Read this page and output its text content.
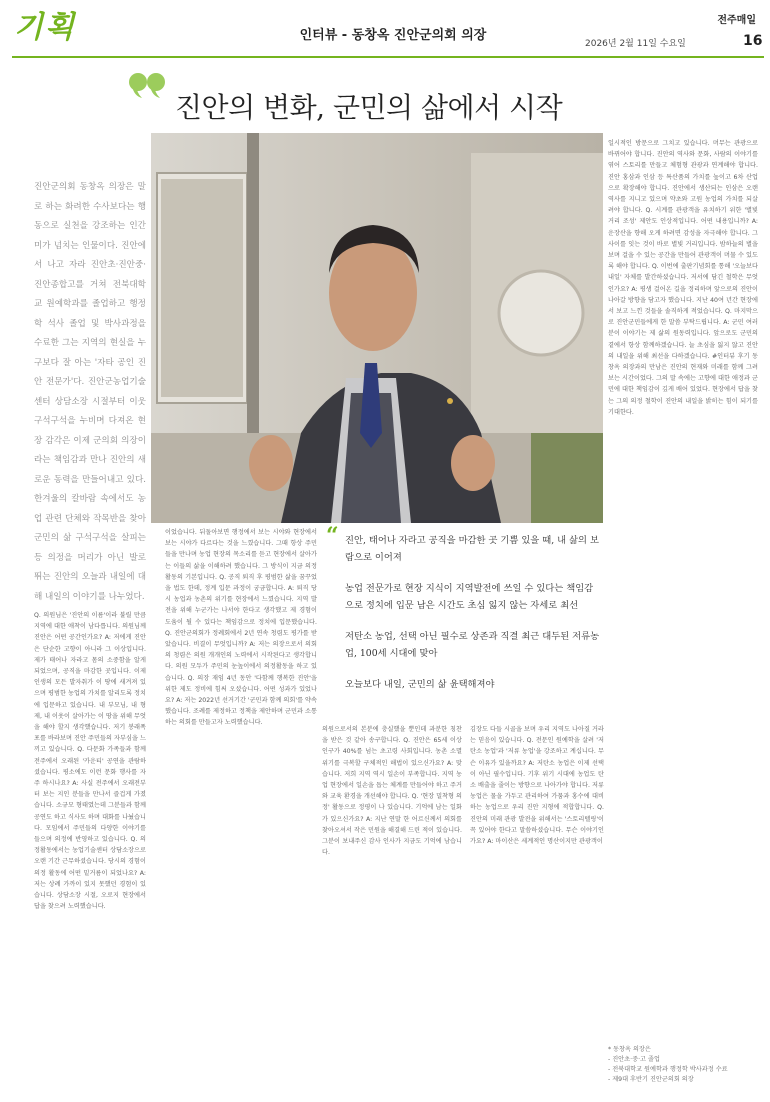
기획	인터뷰 - 동창옥 진안군의회 의장
전주매일
2026년 2월 11일 수요일	16
진안의 변화, 군민의 삶에서 시작
진안군의회 동창옥 의장은 말로 하는 화려한 수사보다는 행동으로 실천을 강조하는 인간미가 넘치는 인물이다. 진안에서 나고 자라 진안초·진안중·진안종합고를 거쳐 전북대학교 원예학과를 졸업하고 행정학 석사 졸업 및 박사과정을 수료한 그는 지역의 현실을 누구보다 잘 아는 '자타 공인 진안 전문가'다. 진안군농업기술센터 상담소장 시절부터 이웃 구석구석을 누비며 다져온 현장 감각은 이제 군의회 의장이라는 책임감과 만나 진안의 새로운 동력을 만들어내고 있다. 한겨울의 칼바람 속에서도 농업 관련 단체와 작목반을 찾아 군민의 삶 구석구석을 살피는 등 의정을 머리가 아닌 발로 뛰는 진안의 오늘과 내일에 대해 내일의 이야기를 나누었다.
“ 진안, 태어나 자라고 공직을 마감한 곳 기쁨 있을 때, 내 삶의 보람으로 이어져

농업 전문가로 현장 지식이 지역발전에 쓰일 수 있다는 책임감으로 정치에 입문 남은 시간도 초심 잃지 않는 자세로 최선

저탄소 농업, 선택 아닌 필수로 상존과 직결 최근 대두된 저류농업, 100세 시대에 맞아

오늘보다 내일, 군민의 삶 윤택해져야

Q. 의원님은 '진안의 이름'이라 불릴 만큼 지역에 대한 애착이 남다릅니다. 의원님께 진안은 어떤 공간인가요? A: 저에게 진안은 단순한 고향이 아니라 그 이상입니다. 제가 태어나 자라고 몸의 소중함을 알게 되었으며, 공직을 마감한 곳입니다. 이제 인생의 모든 발자취가 이 땅에 새겨져 있으며 평범한 농업의 가치를 알리도록 정치에 입문하고 있습니다. 내 부모님, 내 형제, 내 이웃이 살아가는 이 땅을 위해 무엇을 해야 할지 생각했습니다. 저기 봉래폭포를 바라보며 진안 주민들의 자부심을 느끼고 있습니다. Q. 다문화 가족들과 함께 전주에서 오래된 '카운티' 공연을 관람하셨습니다. 평소에도 이런 문화 행사를 자주 하시나요? A: 사실 전주에서 오래전부터 보는 지인 분들을 만나서 즐겁게 가졌습니다. 소규모 형태였는데 그분들과 함께 공연도 하고 식사도 하며 대화를 나눴습니다. 모임에서 주민들의 다양한 이야기를 들으며 의정에 반영하고 있습니다. Q. 의정활동에서는 농업기술센터 상담소장으로 오랜 기간 근무하셨습니다. 당시의 경험이 의정 활동에 어떤 밑거름이 되었나요? A: 저는 상례 가까이 있지 못했던 경험이 있습니다. 상담소장 시절, 오로지 현장에서 답을 찾으려 노력했습니다.
이었습니다. 뒤돌아보면 행정에서 보는 시야와 현장에서 보는 시야가 다르다는 것을 느꼈습니다. 그때 항상 주민들을 만나며 농업 현장의 목소리를 듣고 현장에서 살아가는 이들의 삶을 이해하려 했습니다. 그 방식이 지금 의정활동의 기본입니다. Q. 공직 퇴직 후 평범한 삶을 꿈꾸었을 법도 한데, 정계 입문 과정이 궁금합니다. A: 퇴직 당시 농업과 농촌의 위기를 현장에서 느꼈습니다. 지역 발전을 위해 누군가는 나서야 한다고 생각했고 제 경험이 도움이 될 수 있다는 책임감으로 정치에 입문했습니다. Q. 진안군의회가 정례회에서 2년 연속 청렴도 평가를 받았습니다. 비결이 무엇입니까? A: 저는 의장으로서 의회의 청렴은 의원 개개인의 노력에서 시작된다고 생각합니다. 의원 모두가 주민의 눈높이에서 의정활동을 하고 있습니다. Q. 의장 재임 4년 동안 '다함께 행복한 진안'을 위한 제도 정비에 힘써 오셨습니다. 어떤 성과가 있었나요? A: 저는 2022년 선거기간 '군민과 함께 의회'를 약속했습니다. 조례를 제정하고 정책을 제안하며 군민과 소통하는 의회를 만들고자 노력했습니다.
의원으로서의 본분에 충실했을 뿐인데 과분한 칭찬을 받은 것 같아 송구합니다. Q. 진안은 65세 이상 인구가 40%를 넘는 초고령 사회입니다. 농촌 소멸 위기를 극복할 구체적인 해법이 있으신가요? A: 맞습니다. 저희 지역 역시 일손이 부족합니다. 지역 농업 현장에서 일손을 돕는 체계를 만들어야 하고 주거와 교육 환경을 개선해야 합니다. Q. '현장 밀착형 의정' 활동으로 정평이 나 있습니다. 기억에 남는 일화가 있으신가요? A: 지난 연말 한 어르신께서 의회를 찾아오셔서 작은 민원을 해결해 드린 적이 있습니다. 그분이 보내주신 감사 인사가 지금도 기억에 남습니다.
김장도 다들 시골을 보며 우리 지역도 나아질 거라는 믿음이 있습니다. Q. 전문인 원예학을 살려 '저탄소 농업'과 '저류 농업'을 강조하고 계십니다. 무슨 이유가 있을까요? A: 저탄소 농업은 이제 선택이 아닌 필수입니다. 기후 위기 시대에 농업도 탄소 배출을 줄이는 방향으로 나아가야 합니다. 저류 농업은 물을 가두고 관리하여 가뭄과 홍수에 대비하는 농업으로 우리 진안 지형에 적합합니다. Q. 진안의 미래 관광 발전을 위해서는 '스토리텔링'이 꼭 있어야 한다고 말씀하셨습니다. 무슨 이야기인가요? A: 마이산은 세계적인 명산이지만 관광객이
일시적인 방문으로 그치고 있습니다. 머무는 관광으로 바뀌어야 합니다. 진안의 역사와 문화, 사람의 이야기를 엮어 스토리를 만들고 체험형 관광과 연계해야 합니다. 진안 홍삼과 인삼 등 특산품의 가치를 높이고 6차 산업으로 확장해야 합니다. 진안에서 생산되는 인삼은 오랜 역사를 지니고 있으며 약초와 고원 농업의 가치를 되살려야 합니다. Q. 시계를 관광객을 유치하기 위한 '별빛 거리 조성' 제안도 인상적입니다. 어떤 내용입니까? A: 운장산을 향해 오게 하려면 감성을 자극해야 합니다. 그 사이를 잇는 것이 바로 별빛 거리입니다. 밤하늘의 별을 보며 걸을 수 있는 공간을 만들어 관광객이 머물 수 있도록 해야 합니다. Q. 이번에 출판기념회를 통해 '오늘보다 내일' 자체를 발간하셨습니다. 저서에 담긴 철학은 무엇인가요? A: 평생 걸어온 길을 정리하며 앞으로의 진안이 나아갈 방향을 담고자 했습니다. 지난 40여 년간 현장에서 보고 느낀 것들을 솔직하게 적었습니다. Q. 마지막으로 진안군민들에게 한 말씀 부탁드립니다. A: 군민 여러분이 이야기는 제 삶의 원동력입니다. 앞으로도 군민의 곁에서 항상 함께하겠습니다. 늘 초심을 잃지 않고 진안의 내일을 위해 최선을 다하겠습니다. #인터뷰 후기 동창옥 의장과의 만남은 진안의 현재와 미래를 함께 그려보는 시간이었다. 그의 말 속에는 고향에 대한 애정과 군민에 대한 책임감이 깊게 배어 있었다. 현장에서 답을 찾는 그의 의정 철학이 진안의 내일을 밝히는 힘이 되기를 기대한다.
* 동창옥 의장은
- 진안초·중·고 졸업
- 전북대학교 원예학과 행정학 박사과정 수료
- 제9대 후반기 진안군의회 의장
